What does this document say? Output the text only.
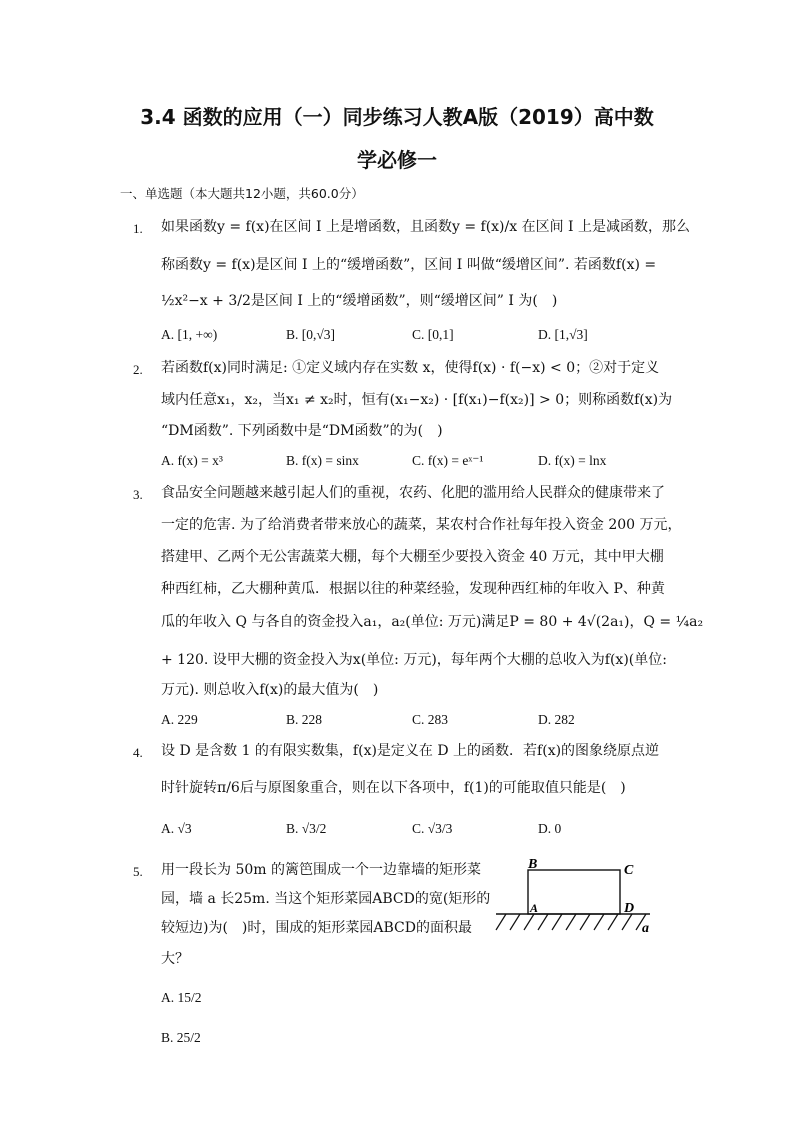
3.4 函数的应用（一）同步练习人教A版（2019）高中数
学必修一
一、单选题（本大题共12小题，共60.0分）
1. 如果函数y = f(x)在区间 I 上是增函数，且函数y = f(x)/x 在区间 I 上是减函数，那么
称函数y = f(x)是区间 I 上的“缓增函数”，区间 I 叫做“缓增区间”. 若函数f(x) =
½x²−x + 3/2是区间 I 上的“缓增函数”，则“缓增区间” I 为(　)
A. [1, +∞)	B. [0,√3]	C. [0,1]	D. [1,√3]
2. 若函数f(x)同时满足: ①定义域内存在实数 x，使得f(x) · f(−x) < 0；②对于定义
域内任意x₁，x₂，当x₁ ≠ x₂时，恒有(x₁−x₂) · [f(x₁)−f(x₂)] > 0；则称函数f(x)为
“DM函数”. 下列函数中是“DM函数”的为(　)
A. f(x) = x³	B. f(x) = sinx	C. f(x) = eˣ⁻¹	D. f(x) = lnx
3. 食品安全问题越来越引起人们的重视，农药、化肥的滥用给人民群众的健康带来了
一定的危害. 为了给消费者带来放心的蔬菜，某农村合作社每年投入资金 200 万元，
搭建甲、乙两个无公害蔬菜大棚，每个大棚至少要投入资金 40 万元，其中甲大棚
种西红柿，乙大棚种黄瓜．根据以往的种菜经验，发现种西红柿的年收入 P、种黄
瓜的年收入 Q 与各自的资金投入a₁，a₂(单位: 万元)满足P = 80 + 4√(2a₁)，Q = ¼a₂
+ 120. 设甲大棚的资金投入为x(单位: 万元)，每年两个大棚的总收入为f(x)(单位:
万元). 则总收入f(x)的最大值为(　)
A. 229	B. 228	C. 283	D. 282
4. 设 D 是含数 1 的有限实数集，f(x)是定义在 D 上的函数．若f(x)的图象绕原点逆
时针旋转π/6后与原图象重合，则在以下各项中，f(1)的可能取值只能是(　)
A. √3	B. √3/2	C. √3/3	D. 0
5. 用一段长为 50m 的篱笆围成一个一边靠墙的矩形菜
园，墙 a 长25m. 当这个矩形菜园ABCD的宽(矩形的
较短边)为(　)时，围成的矩形菜园ABCD的面积最
大？
A. 15/2
B. 25/2
B	C
A	D
a
